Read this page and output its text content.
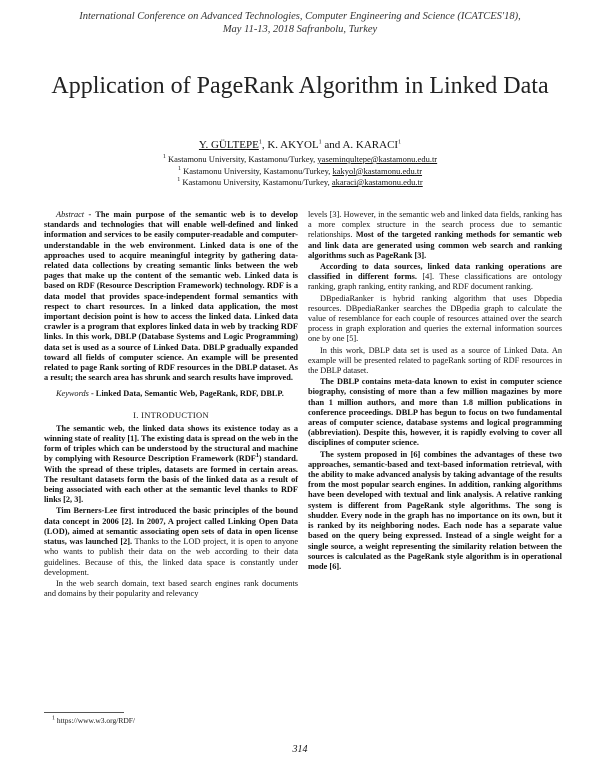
International Conference on Advanced Technologies, Computer Engineering and Science (ICATCES'18),
May 11-13, 2018 Safranbolu, Turkey
Application of PageRank Algorithm in Linked Data
Y. GÜLTEPE$^1$, K. AKYOL$^1$ and A. KARACI$^1$
$^1$ Kastamonu University, Kastamonu/Turkey, yaseminqultepe@kastamonu.edu.tr
$^1$ Kastamonu University, Kastamonu/Turkey, kakyol@kastamonu.edu.tr
$^1$ Kastamonu University, Kastamonu/Turkey, akaraci@kastamonu.edu.tr

Abstract - The main purpose of the semantic web is to develop standards and technologies that will enable well-defined and linked information and services to be easily computer-readable and computer-understandable in the web environment. Linked data is one of the approaches used to acquire meaningful integrity by gathering data-related data collections by creating semantic links between the web pages that make up the content of the semantic web. Linked data is based on RDF (Resource Description Framework) technology. RDF is a data model that provides space-independent formal semantics with respect to chart resources. In a linked data application, the most important decision point is how to access the linked data. Linked data crawler is a program that explores linked data in web by tracking RDF links. In this work, DBLP (Database Systems and Logic Programming) data set is used as a source of Linked Data. DBLP gradually expanded toward all fields of computer science. An example will be presented related to page Rank sorting of RDF resources in the DBLP dataset. As a result; the search area has shrunk and search results have improved.

Keywords - Linked Data, Semantic Web, PageRank, RDF, DBLP.

I. INTRODUCTION

The semantic web, the linked data shows its existence today as a winning state of reality [1]. The existing data is spread on the web in the form of triples which can be understood by the structural and machine by complying with Resource Description Framework (RDF$^1$) standard. With the spread of these triples, datasets are formed in certain areas. The resultant datasets form the basis of the linked data as a result of being associated with each other at the semantic level thanks to RDF links [2, 3].

Tim Berners-Lee first introduced the basic principles of the bound data concept in 2006 [2]. In 2007, A project called Linking Open Data (LOD), aimed at semantic associating open sets of data in open license status, was launched [2]. Thanks to the LOD project, it is open to anyone who wants to publish their data on the web according to their data guidelines. Because of this, the linked data space is constantly under development.

In the web search domain, text based search engines rank documents and domains by their popularity and relevancy

levels [3]. However, in the semantic web and linked data fields, ranking has a more complex structure in the search process due to semantic relationships. Most of the targeted ranking methods for semantic web and link data are generated using common web search and ranking algorithms such as PageRank [3].

According to data sources, linked data ranking operations are classified in different forms. [4]. These classifications are ontology ranking, graph ranking, entity ranking, and RDF document ranking.

DBpediaRanker is hybrid ranking algorithm that uses Dbpedia resources. DBpediaRanker searches the DBpedia graph to calculate the value of resemblance for each couple of resources attained over the search process in graph exploration and queries the external information sources one by one [5].

In this work, DBLP data set is used as a source of Linked Data. An example will be presented related to pageRank sorting of RDF resources in the DBLP dataset.

The DBLP contains meta-data known to exist in computer science biography, consisting of more than a few million magazines by more than 1 million authors, and more than 1.8 million publications in conference proceedings. DBLP has begun to focus on two fundamental areas of computer science, database systems and logical programming (abbreviation). Despite this, however, it is rapidly evolving to cover all disciplines of computer science.

The system proposed in [6] combines the advantages of these two approaches, semantic-based and text-based information retrieval, with the ability to make advanced analysis by taking advantage of the results from the most popular search engines. In addition, ranking algorithms have been developed with textual and link analysis. A relative ranking system is different from PageRank style algorithms. The song is shudder. Every node in the graph has no importance on its own, but it is ranked by its neighboring nodes. Each node has a separate value based on the query being expressed. Instead of a single weight for a single source, a weight representing the similarity relation between the sources is calculated as the PageRank style algorithm is in operational mode [6].

$^1$ https://www.w3.org/RDF/
314
